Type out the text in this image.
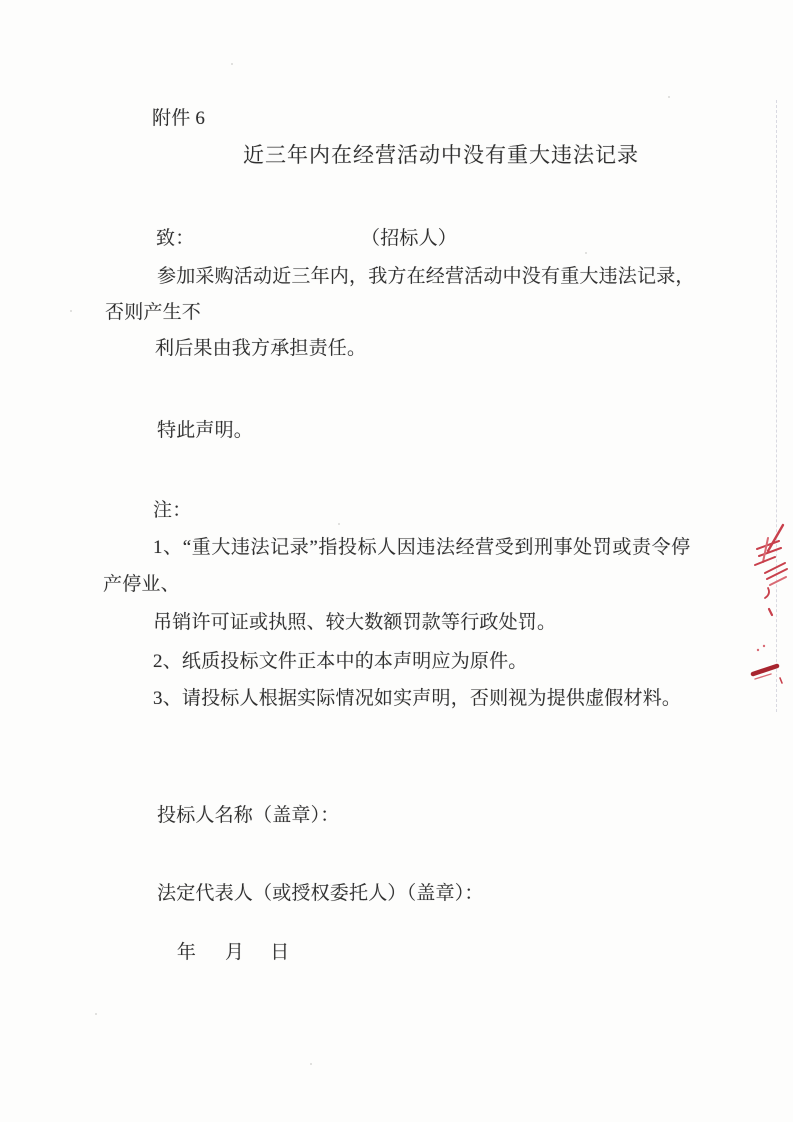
附件 6
近三年内在经营活动中没有重大违法记录
致：	（招标人）
参加采购活动近三年内，我方在经营活动中没有重大违法记录，
否则产生不
利后果由我方承担责任。
特此声明。
注：
1、“重大违法记录”指投标人因违法经营受到刑事处罚或责令停
产停业、
吊销许可证或执照、较大数额罚款等行政处罚。
2、纸质投标文件正本中的本声明应为原件。
3、请投标人根据实际情况如实声明，否则视为提供虚假材料。
投标人名称（盖章）：
法定代表人（或授权委托人）（盖章）：

年 月 日
